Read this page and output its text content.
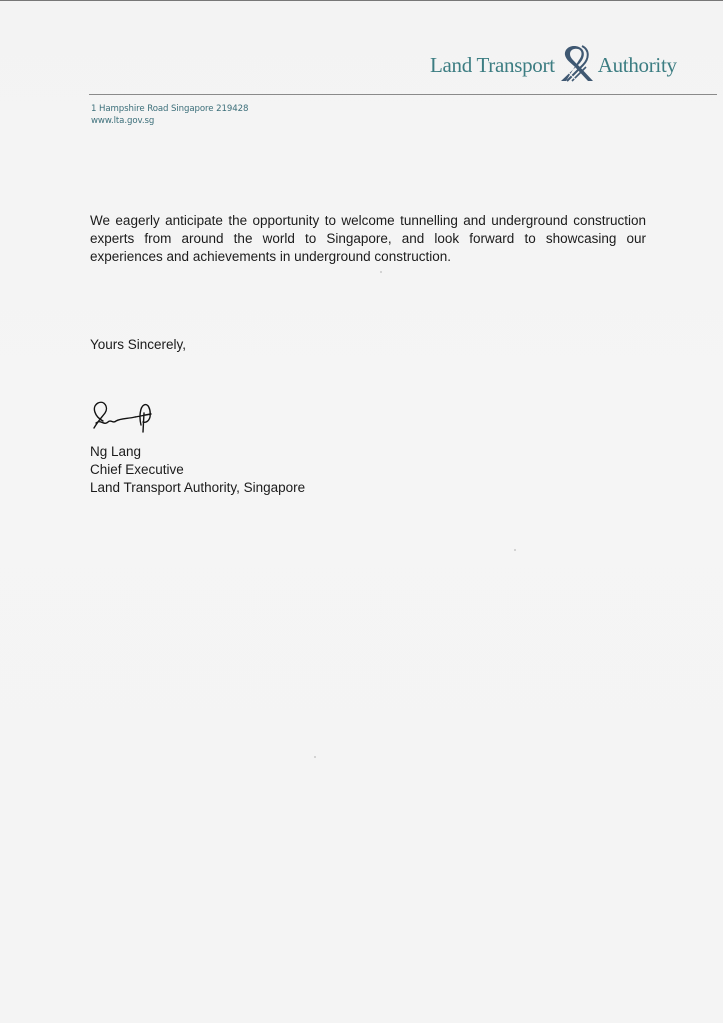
Land Transport Authority
1 Hampshire Road Singapore 219428
www.lta.gov.sg

We eagerly anticipate the opportunity to welcome tunnelling and underground construction experts from around the world to Singapore, and look forward to showcasing our experiences and achievements in underground construction.

Yours Sincerely,
Ng Lang
Chief Executive
Land Transport Authority, Singapore
